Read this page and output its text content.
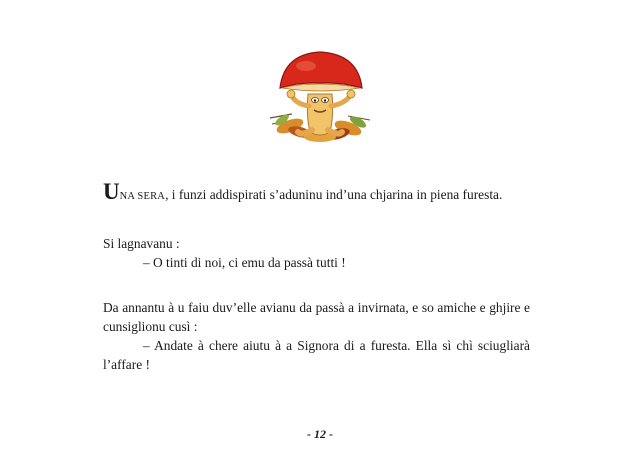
UNA SERA, i funzi addispirati s’aduninu ind’una chjarina in piena furesta.

Si lagnavanu :

– O tinti di noi, ci emu da passà tutti !

Da annantu à u faiu duv’elle avianu da passà a invirnata, e so amiche e ghjire e cunsiglionu cusì :

– Andate à chere aiutu à a Signora di a furesta. Ella sì chì sciugliarà l’affare !

- 12 -
